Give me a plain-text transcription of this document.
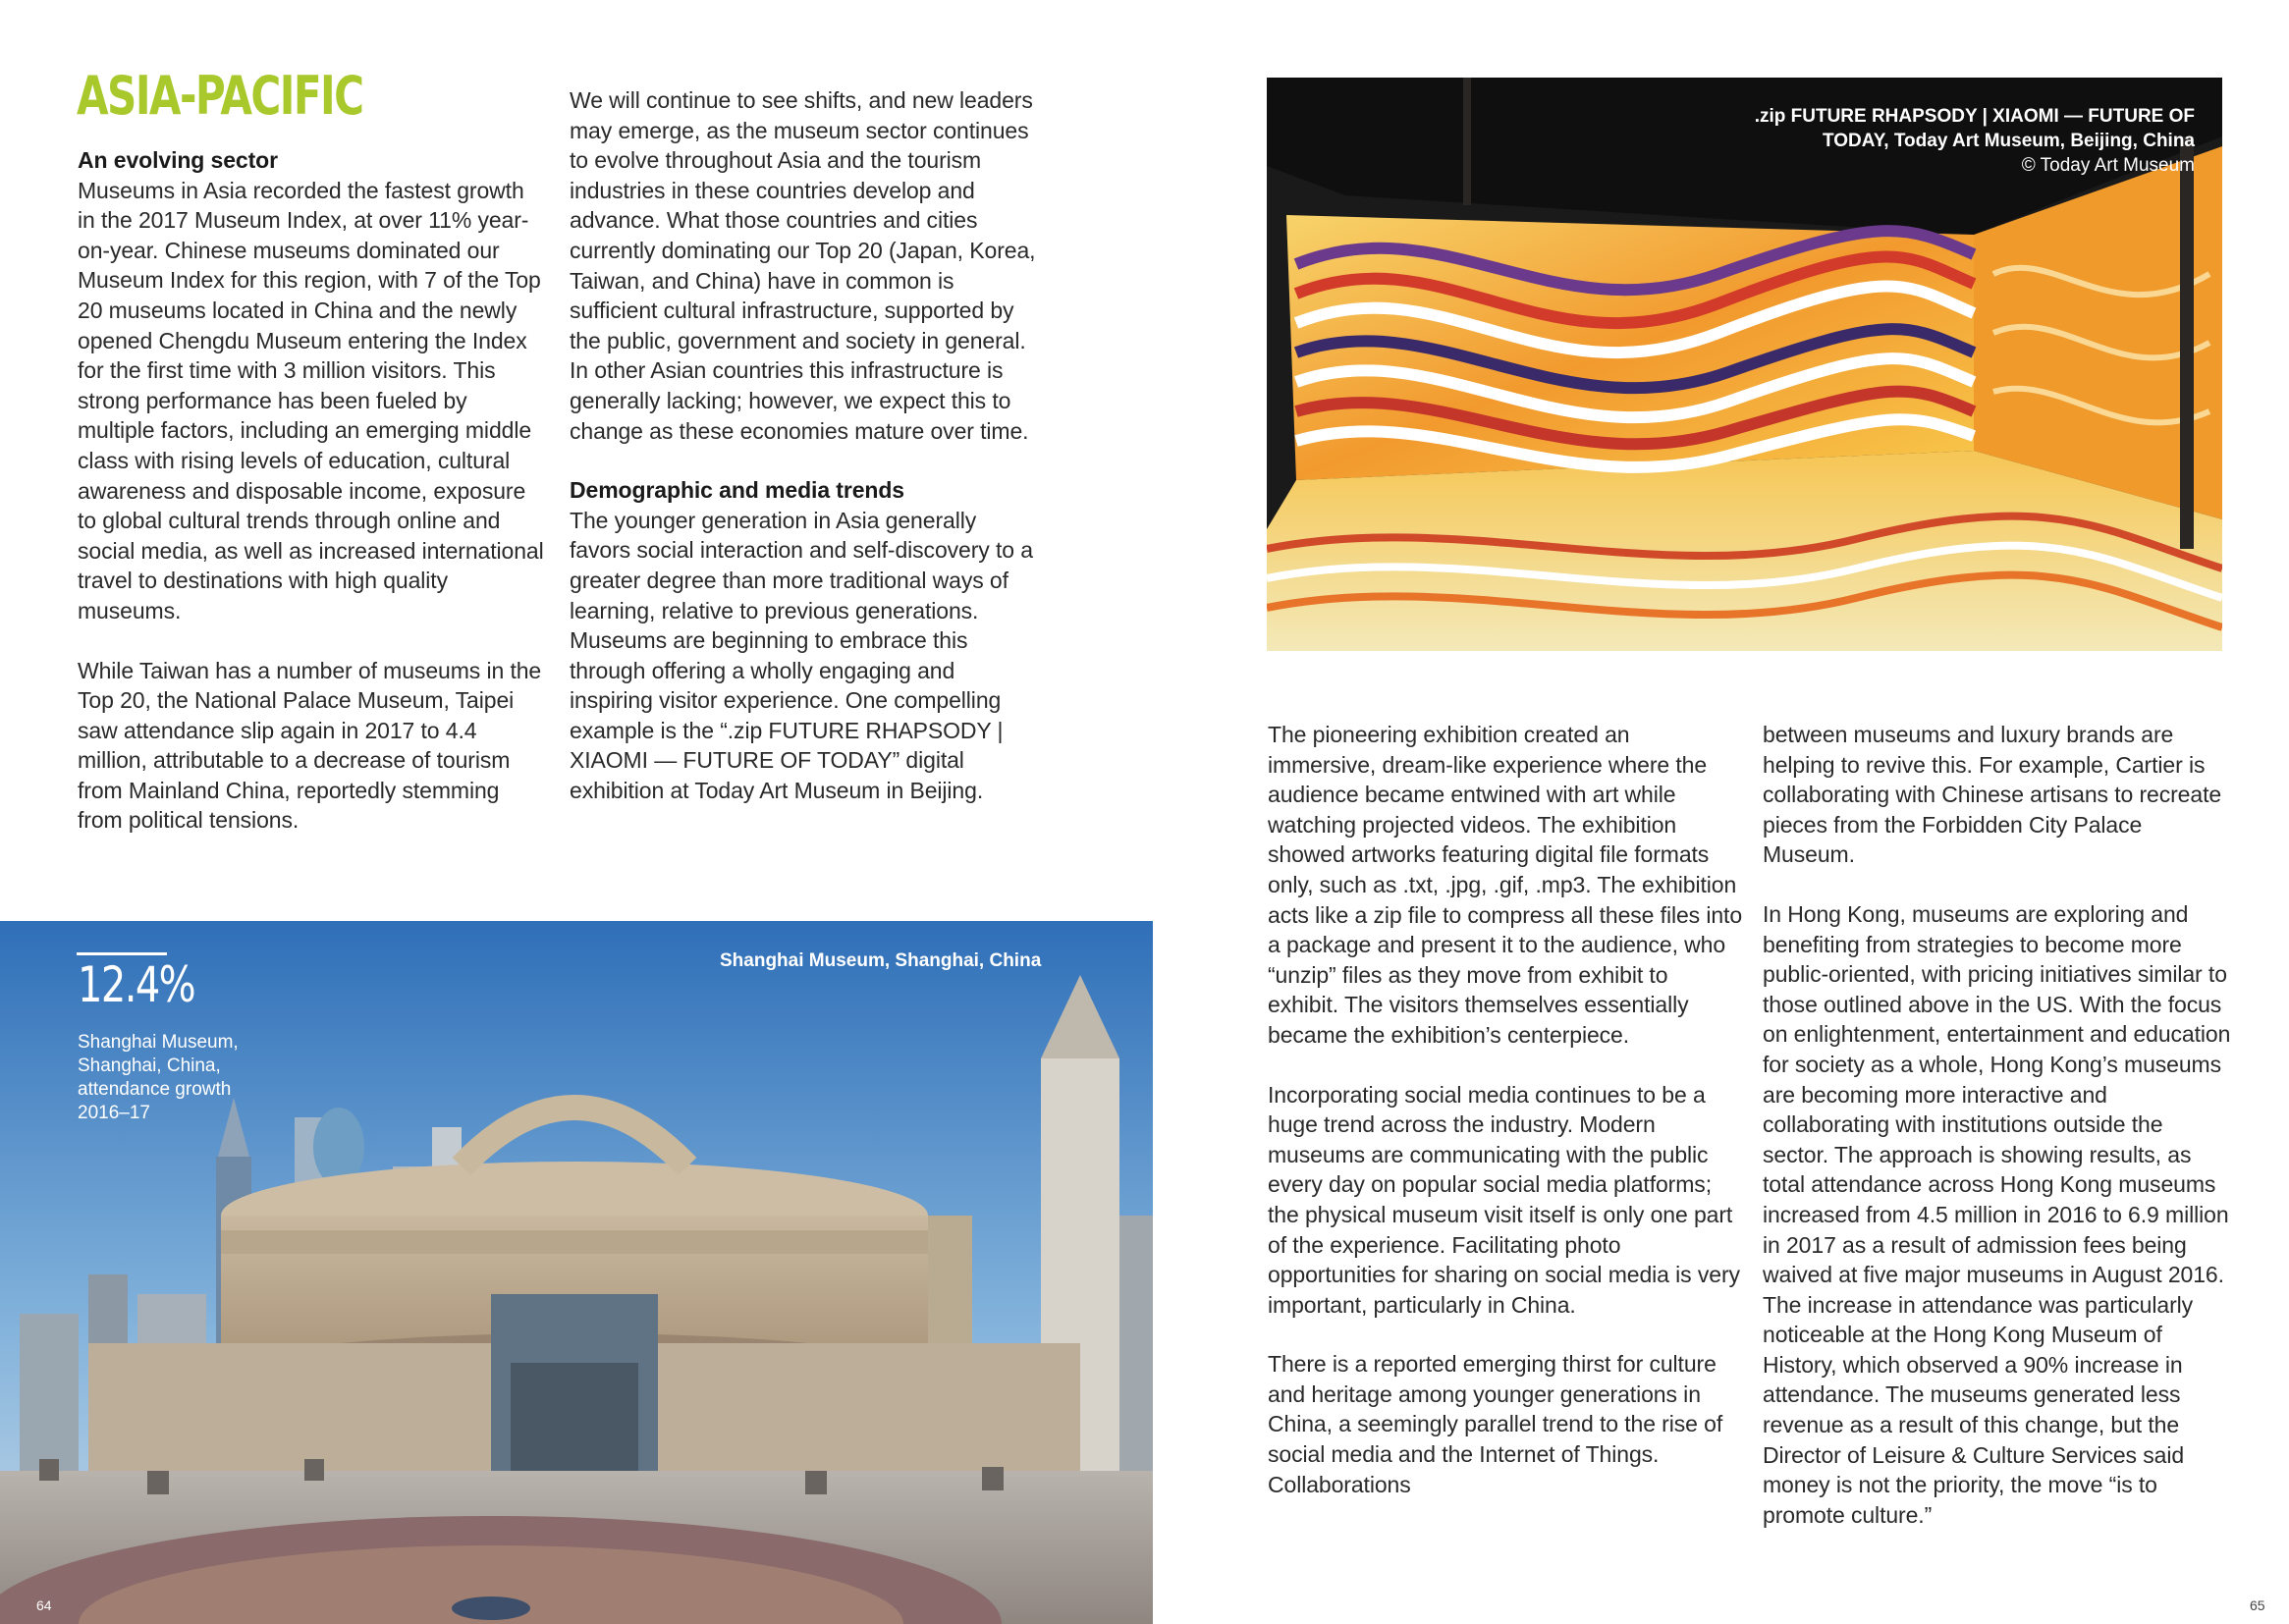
ASIA-PACIFIC
An evolving sector

Museums in Asia recorded the fastest growth in the 2017 Museum Index, at over 11% year-on-year. Chinese museums dominated our Museum Index for this region, with 7 of the Top 20 museums located in China and the newly opened Chengdu Museum entering the Index for the first time with 3 million visitors. This strong performance has been fueled by multiple factors, including an emerging middle class with rising levels of education, cultural awareness and disposable income, exposure to global cultural trends through online and social media, as well as increased international travel to destinations with high quality museums.

While Taiwan has a number of museums in the Top 20, the National Palace Museum, Taipei saw attendance slip again in 2017 to 4.4 million, attributable to a decrease of tourism from Mainland China, reportedly stemming from political tensions.

We will continue to see shifts, and new leaders may emerge, as the museum sector continues to evolve throughout Asia and the tourism industries in these countries develop and advance. What those countries and cities currently dominating our Top 20 (Japan, Korea, Taiwan, and China) have in common is sufficient cultural infrastructure, supported by the public, government and society in general. In other Asian countries this infrastructure is generally lacking; however, we expect this to change as these economies mature over time.

Demographic and media trends

The younger generation in Asia generally favors social interaction and self-discovery to a greater degree than more traditional ways of learning, relative to previous generations. Museums are beginning to embrace this through offering a wholly engaging and inspiring visitor experience. One compelling example is the “.zip FUTURE RHAPSODY | XIAOMI — FUTURE OF TODAY” digital exhibition at Today Art Museum in Beijing.

Shanghai Museum, Shanghai, China
12.4%
Shanghai Museum, Shanghai, China, attendance growth 2016–17
64
.zip FUTURE RHAPSODY | XIAOMI — FUTURE OF
TODAY, Today Art Museum, Beijing, China
© Today Art Museum

The pioneering exhibition created an immersive, dream-like experience where the audience became entwined with art while watching projected videos. The exhibition showed artworks featuring digital file formats only, such as .txt, .jpg, .gif, .mp3. The exhibition acts like a zip file to compress all these files into a package and present it to the audience, who “unzip” files as they move from exhibit to exhibit. The visitors themselves essentially became the exhibition’s centerpiece.

Incorporating social media continues to be a huge trend across the industry. Modern museums are communicating with the public every day on popular social media platforms; the physical museum visit itself is only one part of the experience. Facilitating photo opportunities for sharing on social media is very important, particularly in China.

There is a reported emerging thirst for culture and heritage among younger generations in China, a seemingly parallel trend to the rise of social media and the Internet of Things. Collaborations

between museums and luxury brands are helping to revive this. For example, Cartier is collaborating with Chinese artisans to recreate pieces from the Forbidden City Palace Museum.

In Hong Kong, museums are exploring and benefiting from strategies to become more public-oriented, with pricing initiatives similar to those outlined above in the US. With the focus on enlightenment, entertainment and education for society as a whole, Hong Kong’s museums are becoming more interactive and collaborating with institutions outside the sector. The approach is showing results, as total attendance across Hong Kong museums increased from 4.5 million in 2016 to 6.9 million in 2017 as a result of admission fees being waived at five major museums in August 2016. The increase in attendance was particularly noticeable at the Hong Kong Museum of History, which observed a 90% increase in attendance. The museums generated less revenue as a result of this change, but the Director of Leisure & Culture Services said money is not the priority, the move “is to promote culture.”

65
